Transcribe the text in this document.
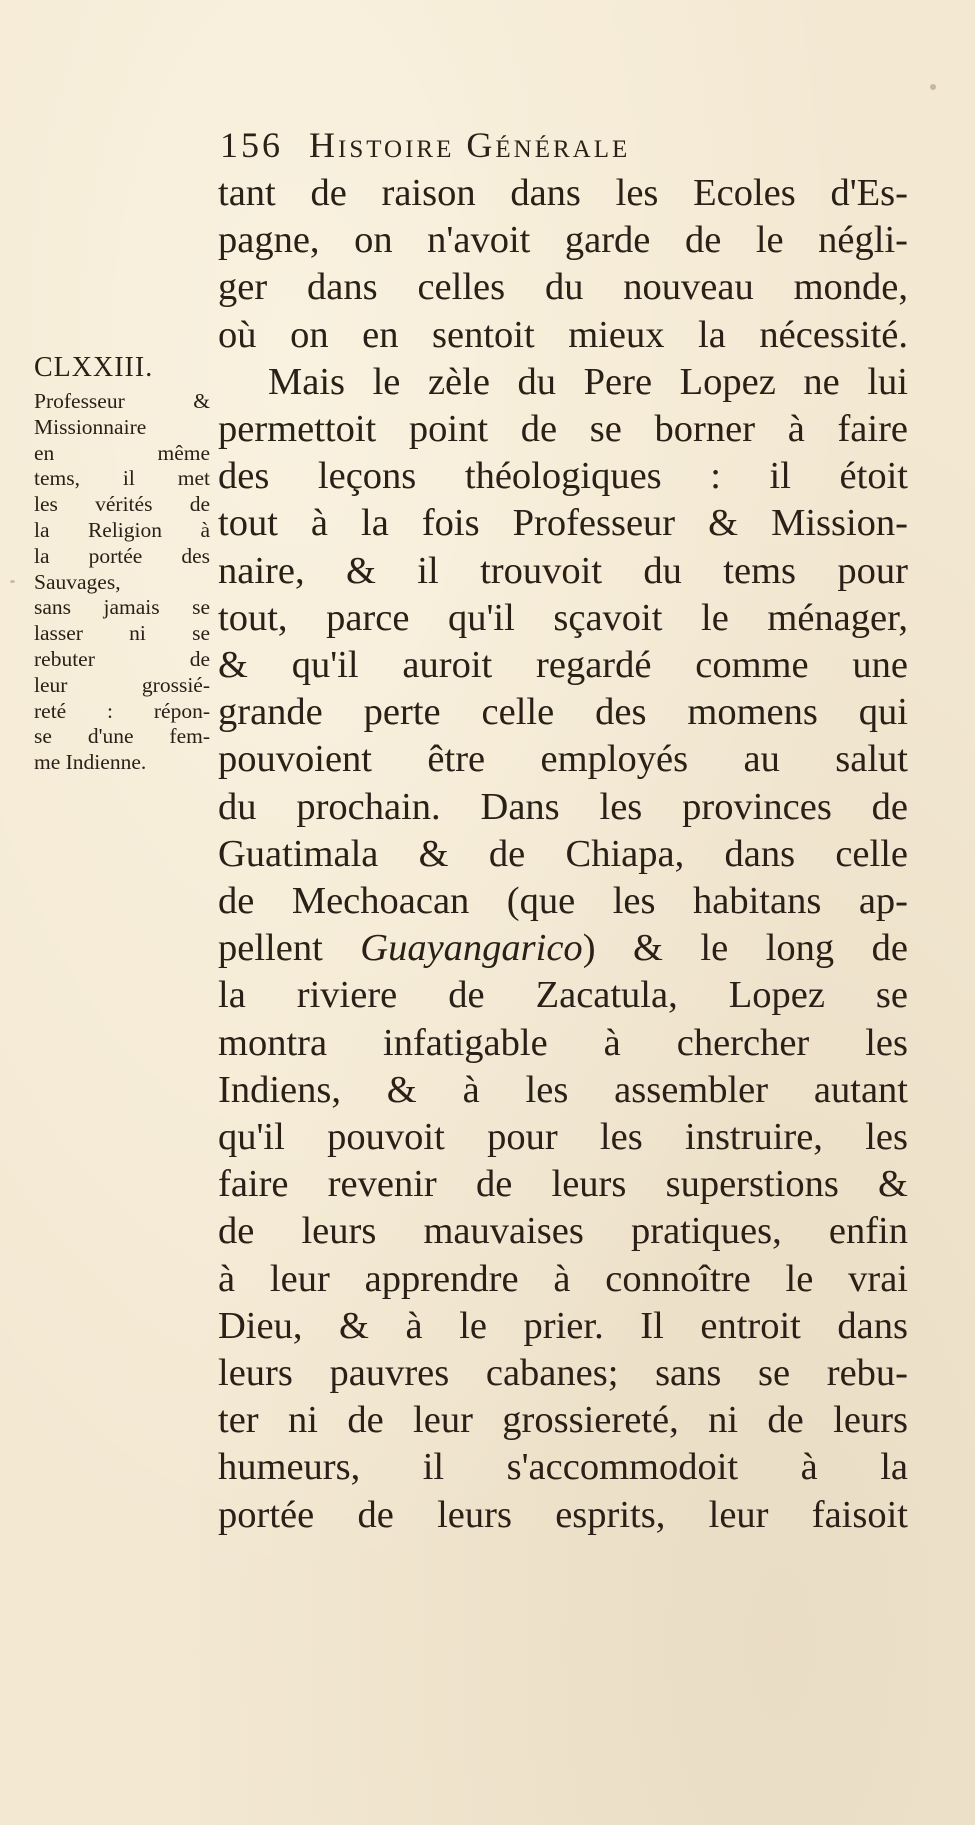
156 Histoire Générale
CLXXIII.
Professeur &
Missionnaire
en même
tems, il met
les vérités de
la Religion à
la portée des
Sauvages,
sans jamais se
lasser ni se
rebuter de
leur grossié-
reté : répon-
se d'une fem-
me Indienne.
tant de raison dans les Ecoles d'Es-
pagne, on n'avoit garde de le négli-
ger dans celles du nouveau monde,
où on en sentoit mieux la nécessité.
Mais le zèle du Pere Lopez ne lui
permettoit point de se borner à faire
des leçons théologiques : il étoit
tout à la fois Professeur & Mission-
naire, & il trouvoit du tems pour
tout, parce qu'il sçavoit le ménager,
& qu'il auroit regardé comme une
grande perte celle des momens qui
pouvoient être employés au salut
du prochain. Dans les provinces de
Guatimala & de Chiapa, dans celle
de Mechoacan (que les habitans ap-
pellent Guayangarico) & le long de
la riviere de Zacatula, Lopez se
montra infatigable à chercher les
Indiens, & à les assembler autant
qu'il pouvoit pour les instruire, les
faire revenir de leurs superstions &
de leurs mauvaises pratiques, enfin
à leur apprendre à connoître le vrai
Dieu, & à le prier. Il entroit dans
leurs pauvres cabanes; sans se rebu-
ter ni de leur grossiereté, ni de leurs
humeurs, il s'accommodoit à la
portée de leurs esprits, leur faisoit
